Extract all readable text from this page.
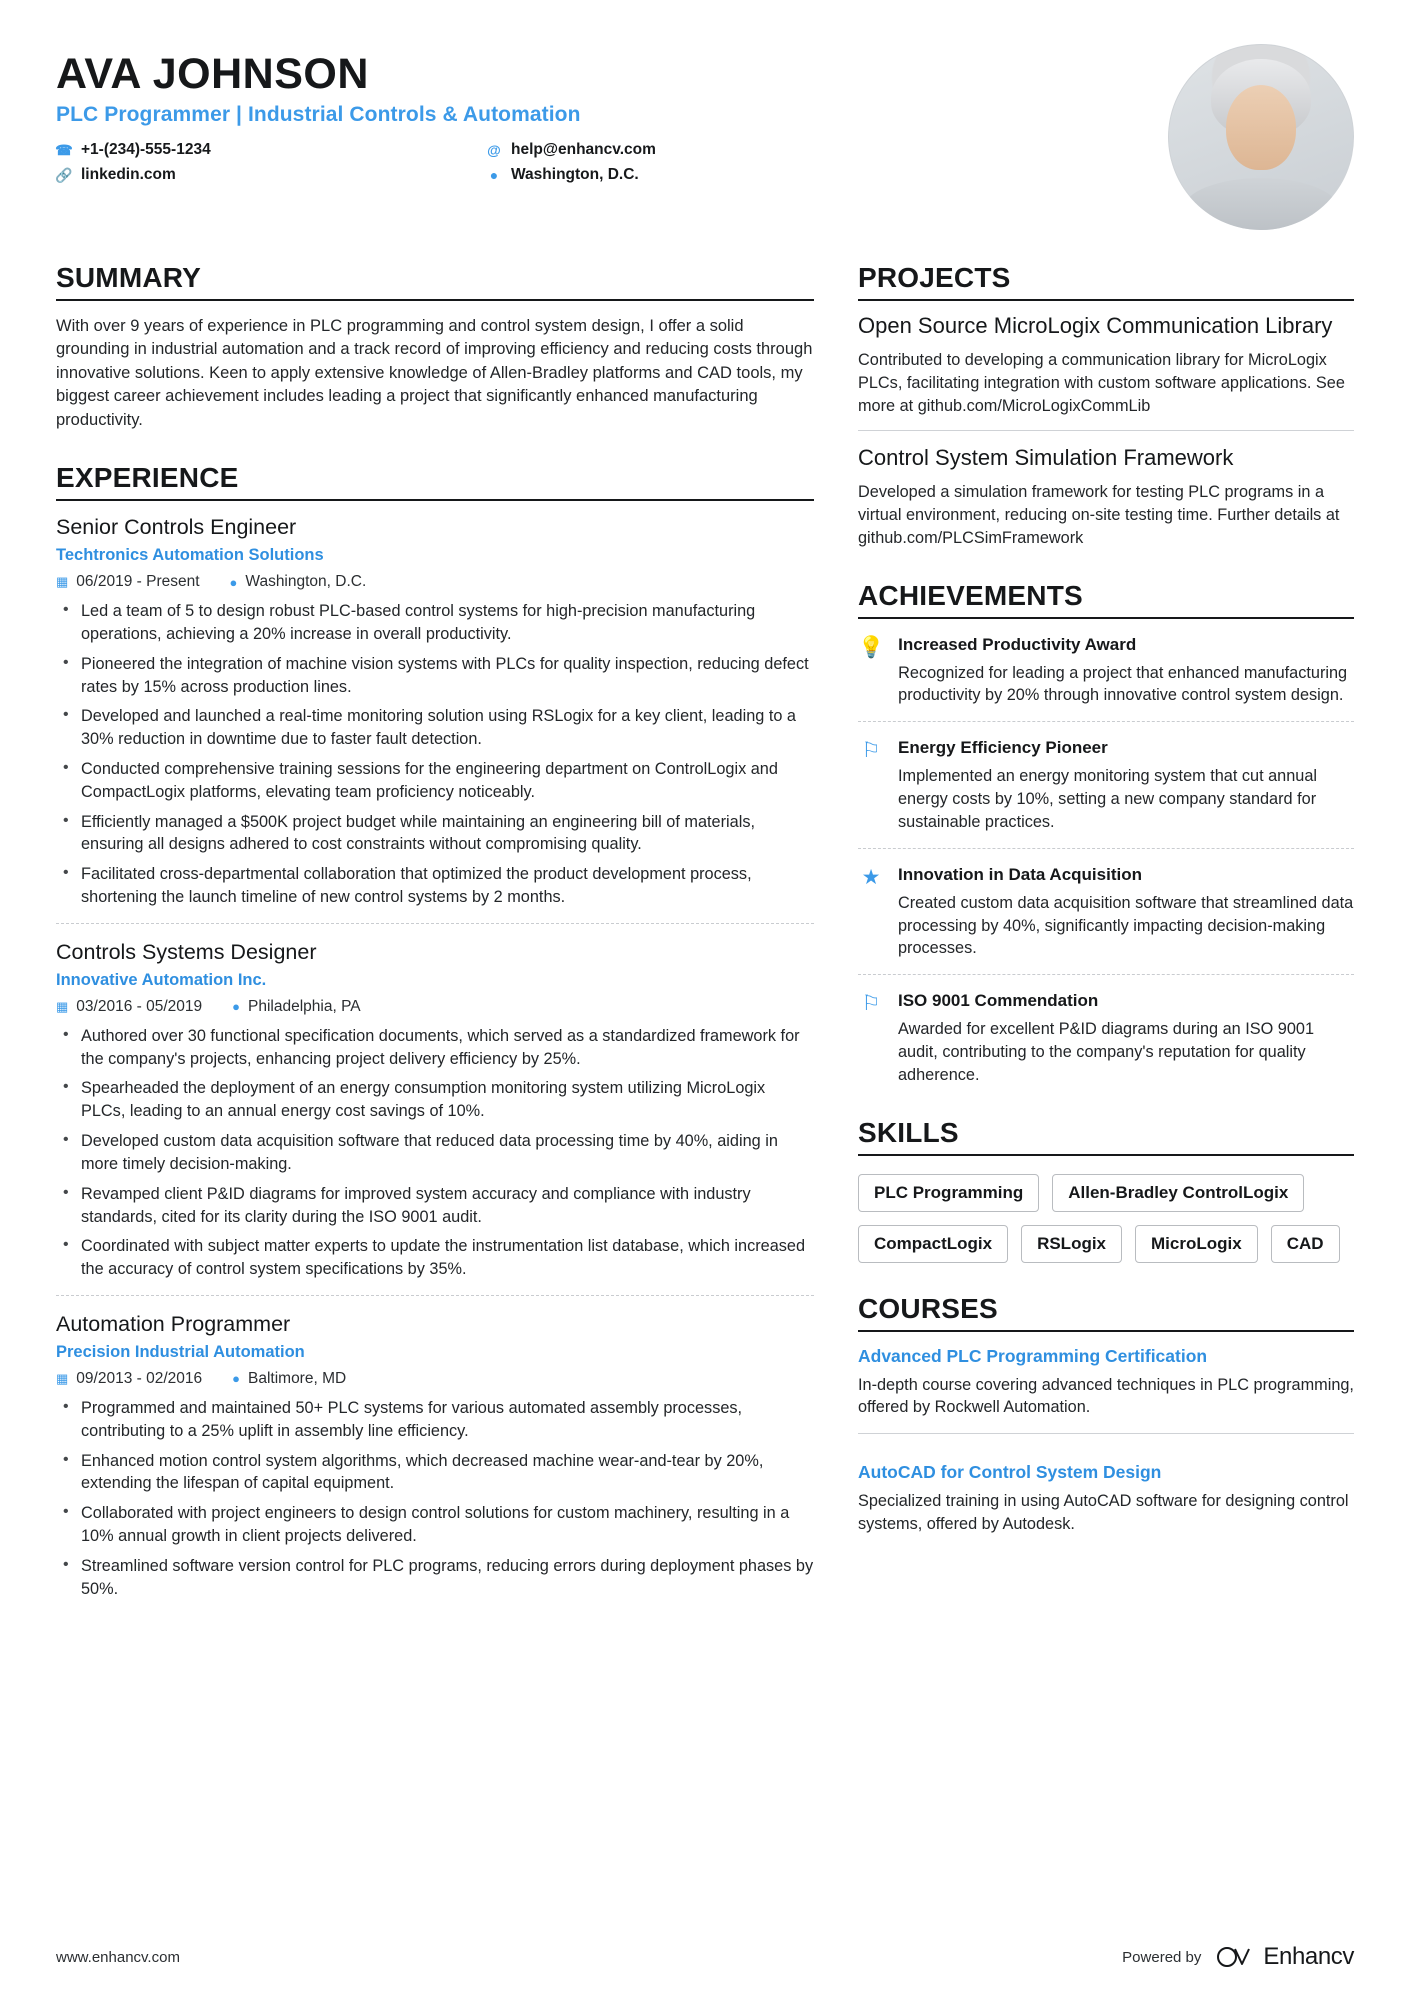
AVA JOHNSON
PLC Programmer | Industrial Controls & Automation
☎ +1-(234)-555-1234	@ help@enhancv.com
🔗 linkedin.com	● Washington, D.C.
SUMMARY

With over 9 years of experience in PLC programming and control system design, I offer a solid grounding in industrial automation and a track record of improving efficiency and reducing costs through innovative solutions. Keen to apply extensive knowledge of Allen-Bradley platforms and CAD tools, my biggest career achievement includes leading a project that significantly enhanced manufacturing productivity.

EXPERIENCE
Senior Controls Engineer
Techtronics Automation Solutions
▦ 06/2019 - Present ● Washington, D.C.
• Led a team of 5 to design robust PLC-based control systems for high-precision manufacturing operations, achieving a 20% increase in overall productivity.
• Pioneered the integration of machine vision systems with PLCs for quality inspection, reducing defect rates by 15% across production lines.
• Developed and launched a real-time monitoring solution using RSLogix for a key client, leading to a 30% reduction in downtime due to faster fault detection.
• Conducted comprehensive training sessions for the engineering department on ControlLogix and CompactLogix platforms, elevating team proficiency noticeably.
• Efficiently managed a $500K project budget while maintaining an engineering bill of materials, ensuring all designs adhered to cost constraints without compromising quality.
• Facilitated cross-departmental collaboration that optimized the product development process, shortening the launch timeline of new control systems by 2 months.
Controls Systems Designer
Innovative Automation Inc.
▦ 03/2016 - 05/2019 ● Philadelphia, PA
• Authored over 30 functional specification documents, which served as a standardized framework for the company's projects, enhancing project delivery efficiency by 25%.
• Spearheaded the deployment of an energy consumption monitoring system utilizing MicroLogix PLCs, leading to an annual energy cost savings of 10%.
• Developed custom data acquisition software that reduced data processing time by 40%, aiding in more timely decision-making.
• Revamped client P&ID diagrams for improved system accuracy and compliance with industry standards, cited for its clarity during the ISO 9001 audit.
• Coordinated with subject matter experts to update the instrumentation list database, which increased the accuracy of control system specifications by 35%.
Automation Programmer
Precision Industrial Automation
▦ 09/2013 - 02/2016 ● Baltimore, MD
• Programmed and maintained 50+ PLC systems for various automated assembly processes, contributing to a 25% uplift in assembly line efficiency.
• Enhanced motion control system algorithms, which decreased machine wear-and-tear by 20%, extending the lifespan of capital equipment.
• Collaborated with project engineers to design control solutions for custom machinery, resulting in a 10% annual growth in client projects delivered.
• Streamlined software version control for PLC programs, reducing errors during deployment phases by 50%.
PROJECTS
Open Source MicroLogix Communication Library

Contributed to developing a communication library for MicroLogix PLCs, facilitating integration with custom software applications. See more at github.com/MicroLogixCommLib

Control System Simulation Framework

Developed a simulation framework for testing PLC programs in a virtual environment, reducing on-site testing time. Further details at github.com/PLCSimFramework

ACHIEVEMENTS
💡 Increased Productivity Award

Recognized for leading a project that enhanced manufacturing productivity by 20% through innovative control system design.

⚐ Energy Efficiency Pioneer

Implemented an energy monitoring system that cut annual energy costs by 10%, setting a new company standard for sustainable practices.

★ Innovation in Data Acquisition

Created custom data acquisition software that streamlined data processing by 40%, significantly impacting decision-making processes.

⚐ ISO 9001 Commendation

Awarded for excellent P&ID diagrams during an ISO 9001 audit, contributing to the company's reputation for quality adherence.

SKILLS
PLC Programming	Allen-Bradley ControlLogix
CompactLogix	RSLogix	MicroLogix	CAD
COURSES
Advanced PLC Programming Certification

In-depth course covering advanced techniques in PLC programming, offered by Rockwell Automation.

AutoCAD for Control System Design

Specialized training in using AutoCAD software for designing control systems, offered by Autodesk.

www.enhancv.com	Powered by	Enhancv
